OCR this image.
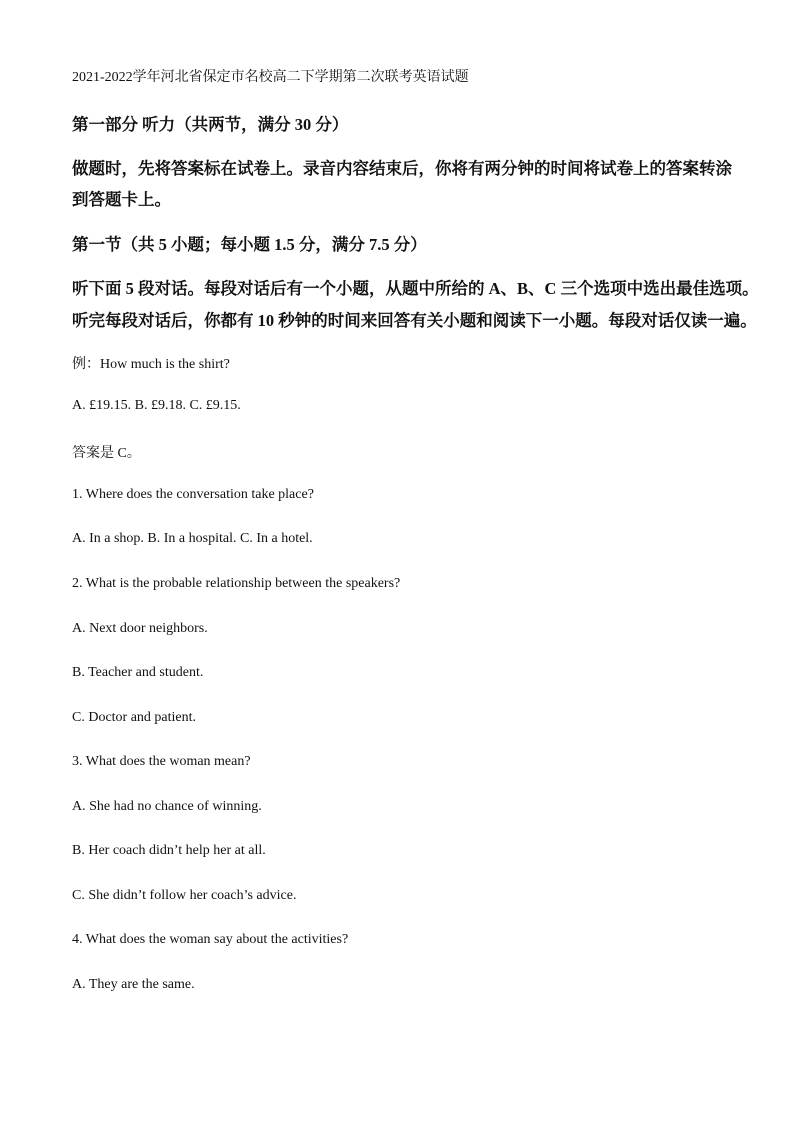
2021-2022学年河北省保定市名校高二下学期第二次联考英语试题
第一部分 听力（共两节，满分 30 分）
做题时，先将答案标在试卷上。录音内容结束后，你将有两分钟的时间将试卷上的答案转涂
到答题卡上。
第一节（共 5 小题；每小题 1.5 分，满分 7.5 分）
听下面 5 段对话。每段对话后有一个小题，从题中所给的 A、B、C 三个选项中选出最佳选项。
听完每段对话后，你都有 10 秒钟的时间来回答有关小题和阅读下一小题。每段对话仅读一遍。
例：How much is the shirt?
A. £19.15. B. £9.18. C. £9.15.
答案是 C。
1. Where does the conversation take place?
A. In a shop. B. In a hospital. C. In a hotel.
2. What is the probable relationship between the speakers?
A. Next door neighbors.
B. Teacher and student.
C. Doctor and patient.
3. What does the woman mean?
A. She had no chance of winning.
B. Her coach didn’t help her at all.
C. She didn’t follow her coach’s advice.
4. What does the woman say about the activities?
A. They are the same.
